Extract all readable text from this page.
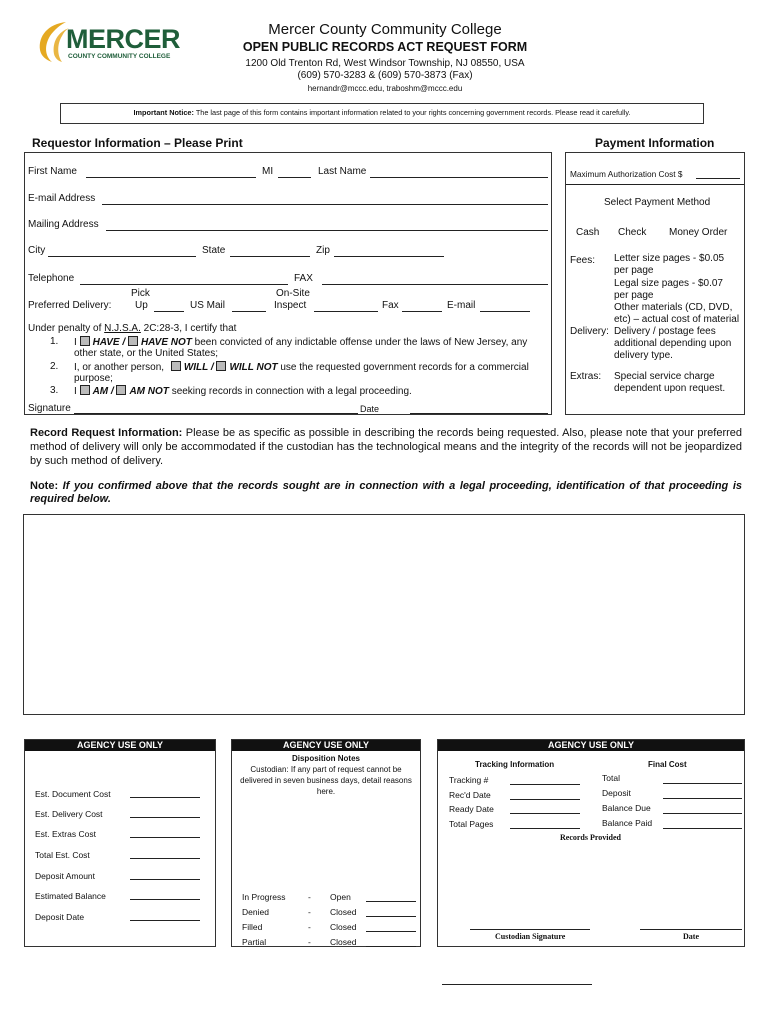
MERCER
COUNTY COMMUNITY COLLEGE
Mercer County Community College
OPEN PUBLIC RECORDS ACT REQUEST FORM
1200 Old Trenton Rd, West Windsor Township, NJ 08550, USA
(609) 570-3283 & (609) 570-3873 (Fax)
hernandr@mccc.edu, traboshm@mccc.edu
Important Notice: The last page of this form contains important information related to your rights concerning government records. Please read it carefully.
Requestor Information – Please Print
First Name	MI	Last Name
E-mail Address
Mailing Address
City	State	Zip
Telephone	FAX
Pick	On-Site
Preferred Delivery: Up	US Mail	Inspect	Fax	E-mail
Under penalty of N.J.S.A. 2C:28-3, I certify that
1. I HAVE / HAVE NOT been convicted of any indictable offense under the laws of New Jersey, any
other state, or the United States;
2. I, or another person, WILL / WILL NOT use the requested government records for a commercial
purpose;
3. I AM / AM NOT seeking records in connection with a legal proceeding.
Signature	Date
Payment Information
Maximum Authorization Cost $
Select Payment Method
Cash Check Money Order
Fees: Letter size pages - $0.05
per page
Legal size pages - $0.07
per page
Other materials (CD, DVD,
etc) – actual cost of material
Delivery: Delivery / postage fees
additional depending upon
delivery type.
Extras: Special service charge
dependent upon request.
Record Request Information: Please be as specific as possible in describing the records being requested. Also, please note that your preferred method of delivery will only be accommodated if the custodian has the technological means and the integrity of the records will not be jeopardized by such method of delivery.
Note: If you confirmed above that the records sought are in connection with a legal proceeding, identification of that proceeding is required below.
AGENCY USE ONLY
Est. Document Cost
Est. Delivery Cost
Est. Extras Cost
Total Est. Cost
Deposit Amount
Estimated Balance
Deposit Date
AGENCY USE ONLY
Disposition Notes
Custodian: If any part of request cannot be delivered in seven business days, detail reasons here.
In Progress	- Open
Denied	- Closed
Filled	- Closed
Partial	- Closed
AGENCY USE ONLY
Tracking Information	Final Cost
Tracking #
Rec'd Date
Ready Date
Total Pages
Total
Deposit
Balance Due
Balance Paid
Records Provided
Custodian Signature	Date
